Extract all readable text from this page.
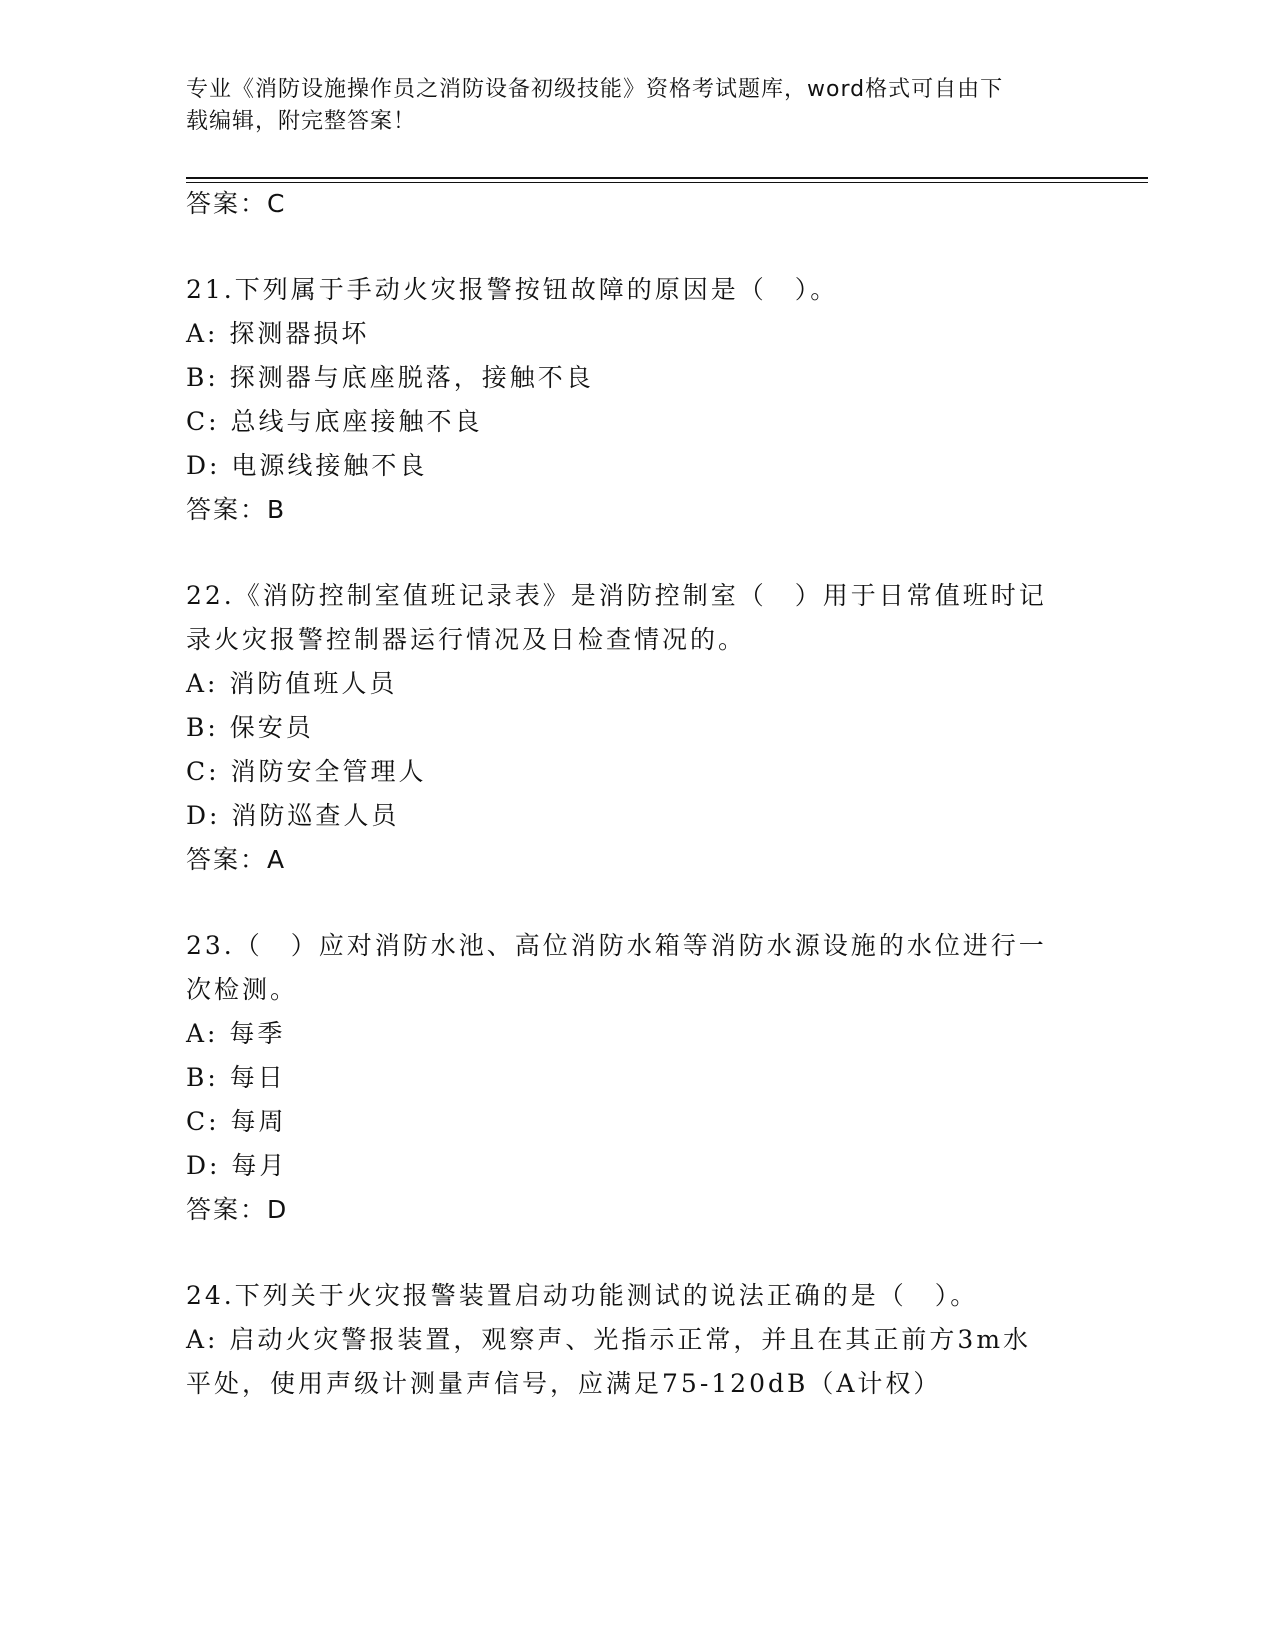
专业《消防设施操作员之消防设备初级技能》资格考试题库，word格式可自由下
载编辑，附完整答案！
答案：C
21.下列属于手动火灾报警按钮故障的原因是（　）。
A: 探测器损坏
B: 探测器与底座脱落，接触不良
C: 总线与底座接触不良
D: 电源线接触不良
答案：B
22.《消防控制室值班记录表》是消防控制室（　）用于日常值班时记
录火灾报警控制器运行情况及日检查情况的。
A: 消防值班人员
B: 保安员
C: 消防安全管理人
D: 消防巡查人员
答案：A
23.（　）应对消防水池、高位消防水箱等消防水源设施的水位进行一
次检测。
A: 每季
B: 每日
C: 每周
D: 每月
答案：D
24.下列关于火灾报警装置启动功能测试的说法正确的是（　）。
A: 启动火灾警报装置，观察声、光指示正常，并且在其正前方3m水
平处，使用声级计测量声信号，应满足75-120dB（A计权）
